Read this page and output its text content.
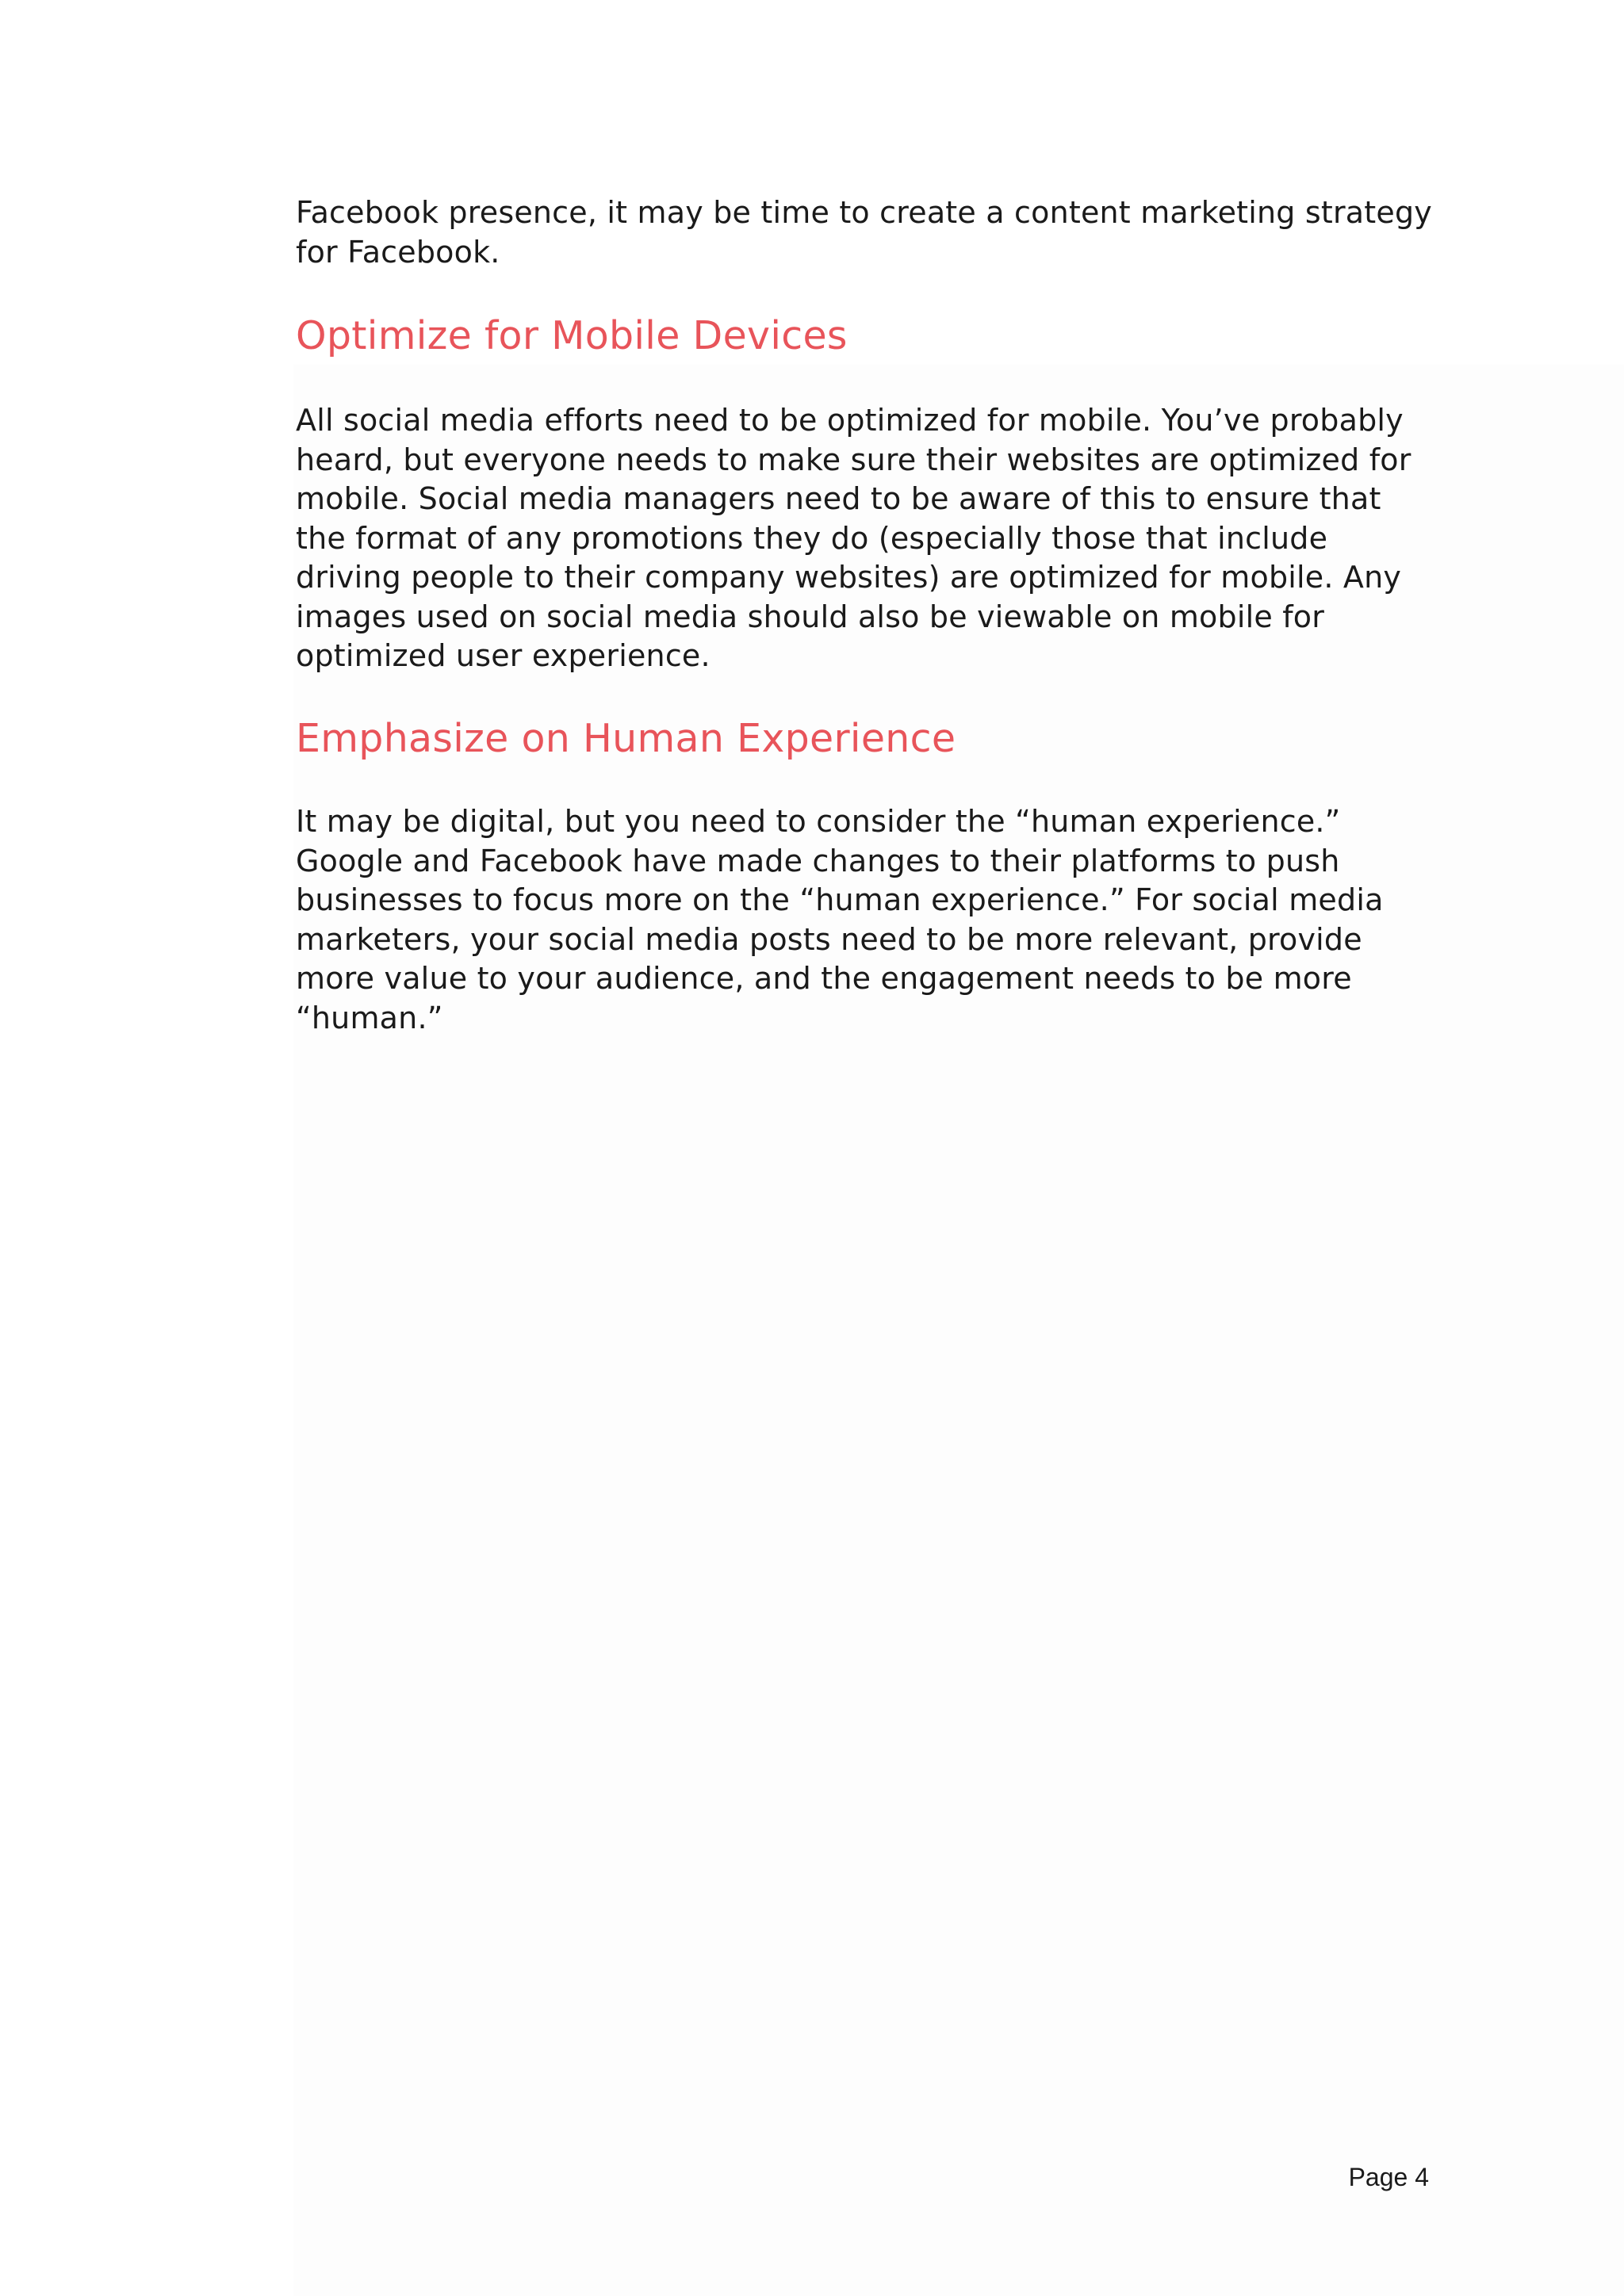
Facebook presence, it may be time to create a content marketing strategy
for Facebook.

Optimize for Mobile Devices

All social media efforts need to be optimized for mobile. You’ve probably
heard, but everyone needs to make sure their websites are optimized for
mobile. Social media managers need to be aware of this to ensure that
the format of any promotions they do (especially those that include
driving people to their company websites) are optimized for mobile. Any
images used on social media should also be viewable on mobile for
optimized user experience.

Emphasize on Human Experience

It may be digital, but you need to consider the “human experience.”
Google and Facebook have made changes to their platforms to push
businesses to focus more on the “human experience.” For social media
marketers, your social media posts need to be more relevant, provide
more value to your audience, and the engagement needs to be more
“human.”

Page 4
